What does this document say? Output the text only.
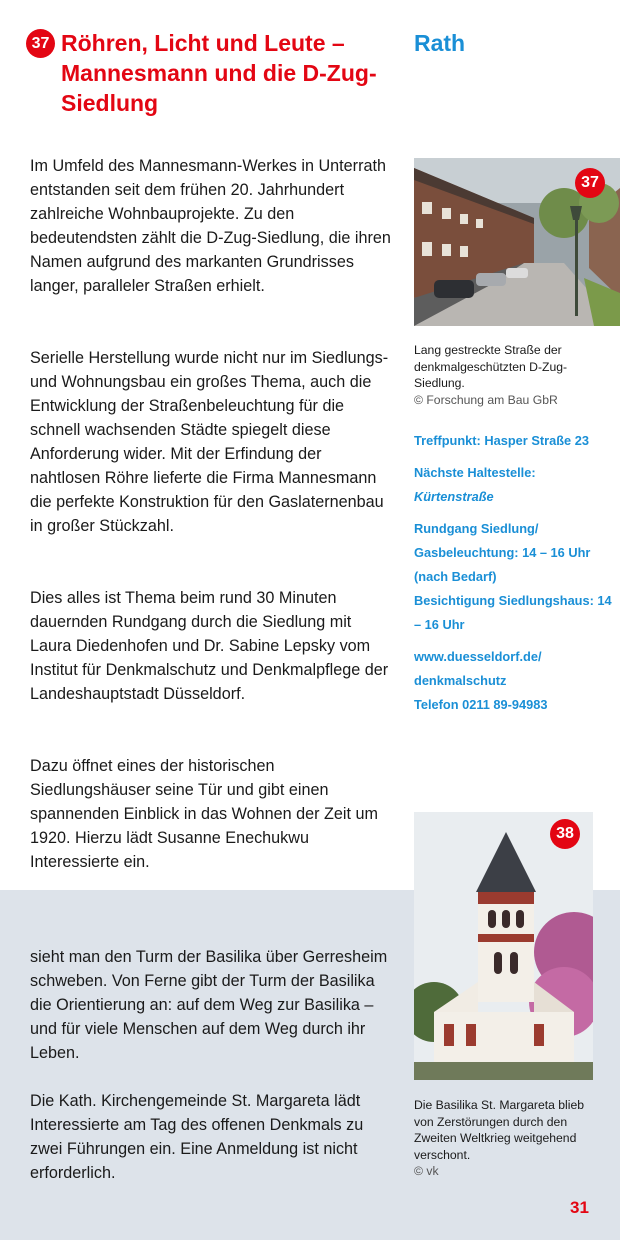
37 Röhren, Licht und Leute – Mannesmann und die D-Zug-Siedlung
Rath

Im Umfeld des Mannesmann-Werkes in Unterrath entstanden seit dem frühen 20. Jahrhundert zahlreiche Wohnbauprojekte. Zu den bedeutendsten zählt die D-Zug-Siedlung, die ihren Namen aufgrund des markanten Grundrisses langer, paralleler Straßen erhielt.

Serielle Herstellung wurde nicht nur im Siedlungs- und Wohnungsbau ein großes Thema, auch die Entwicklung der Straßenbeleuchtung für die schnell wachsenden Städte spiegelt diese Anforderung wider. Mit der Erfindung der nahtlosen Röhre lieferte die Firma Mannesmann die perfekte Konstruktion für den Gaslaternenbau in großer Stückzahl.

Dies alles ist Thema beim rund 30 Minuten dauernden Rundgang durch die Siedlung mit Laura Diedenhofen und Dr. Sabine Lepsky vom Institut für Denkmalschutz und Denkmalpflege der Landeshauptstadt Düsseldorf.

Dazu öffnet eines der historischen Siedlungshäuser seine Tür und gibt einen spannenden Einblick in das Wohnen der Zeit um 1920. Hierzu lädt Susanne Enechukwu Interessierte ein.

37
Lang gestreckte Straße der denkmalgeschützten D-Zug-Siedlung.
© Forschung am Bau GbR
Treffpunkt: Hasper Straße 23
Nächste Haltestelle:
Kürtenstraße
Rundgang Siedlung/ Gasbeleuchtung: 14 – 16 Uhr (nach Bedarf)
Besichtigung Siedlungshaus: 14 – 16 Uhr
www.duesseldorf.de/ denkmalschutz
Telefon 0211 89-94983

sieht man den Turm der Basilika über Gerresheim schweben. Von Ferne gibt der Turm der Basilika die Orientierung an: auf dem Weg zur Basilika – und für viele Menschen auf dem Weg durch ihr Leben.

Die Kath. Kirchengemeinde St. Margareta lädt Interessierte am Tag des offenen Denkmals zu zwei Führungen ein. Eine Anmeldung ist nicht erforderlich.

38
Die Basilika St. Margareta blieb von Zerstörungen durch den Zweiten Weltkrieg weitgehend verschont.
© vk
31
